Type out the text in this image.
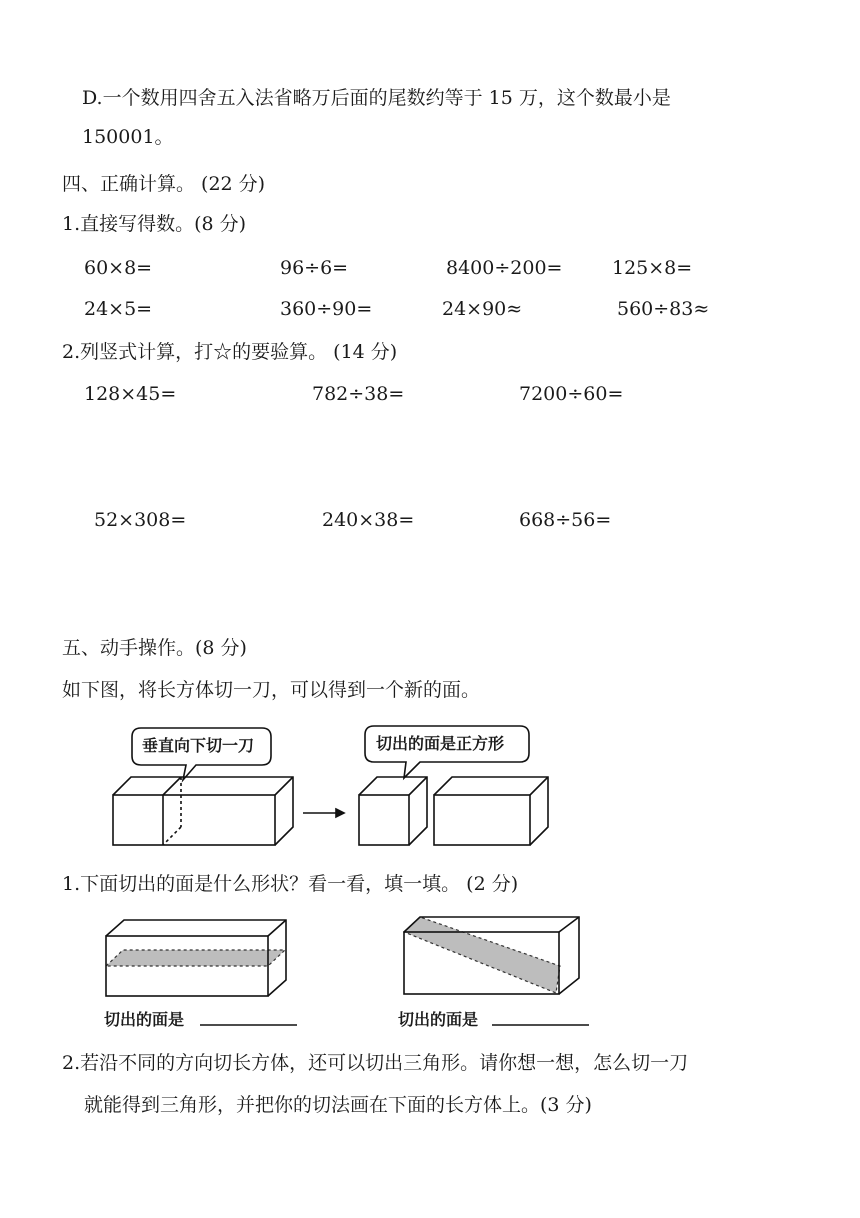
D.一个数用四舍五入法省略万后面的尾数约等于 15 万，这个数最小是
150001。
四、正确计算。 (22 分)
1.直接写得数。(8 分)
60×8=	96÷6=	8400÷200=	125×8=
24×5=	360÷90=	24×90≈	560÷83≈
2.列竖式计算，打☆的要验算。 (14 分)
128×45=	782÷38=	7200÷60=
52×308=	240×38=	668÷56=
五、动手操作。(8 分)
如下图，将长方体切一刀，可以得到一个新的面。
垂直向下切一刀	切出的面是正方形
1.下面切出的面是什么形状？看一看，填一填。 (2 分)
切出的面是	切出的面是
2.若沿不同的方向切长方体，还可以切出三角形。请你想一想，怎么切一刀
就能得到三角形，并把你的切法画在下面的长方体上。(3 分)
